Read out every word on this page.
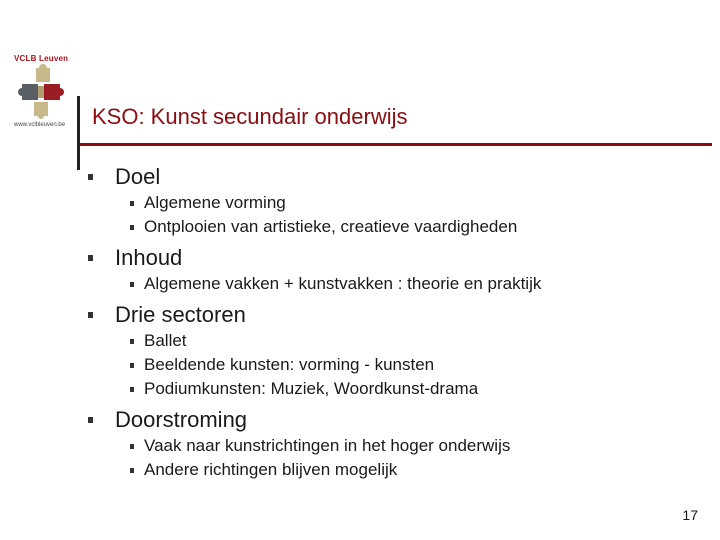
VCLB Leuven
www.vclbleuven.be KSO: Kunst secundair onderwijs
Doel
Algemene vorming
Ontplooien van artistieke, creatieve vaardigheden
Inhoud
Algemene vakken + kunstvakken : theorie en praktijk
Drie sectoren
Ballet
Beeldende kunsten: vorming - kunsten
Podiumkunsten: Muziek, Woordkunst-drama
Doorstroming
Vaak naar kunstrichtingen in het hoger onderwijs
Andere richtingen blijven mogelijk
17
